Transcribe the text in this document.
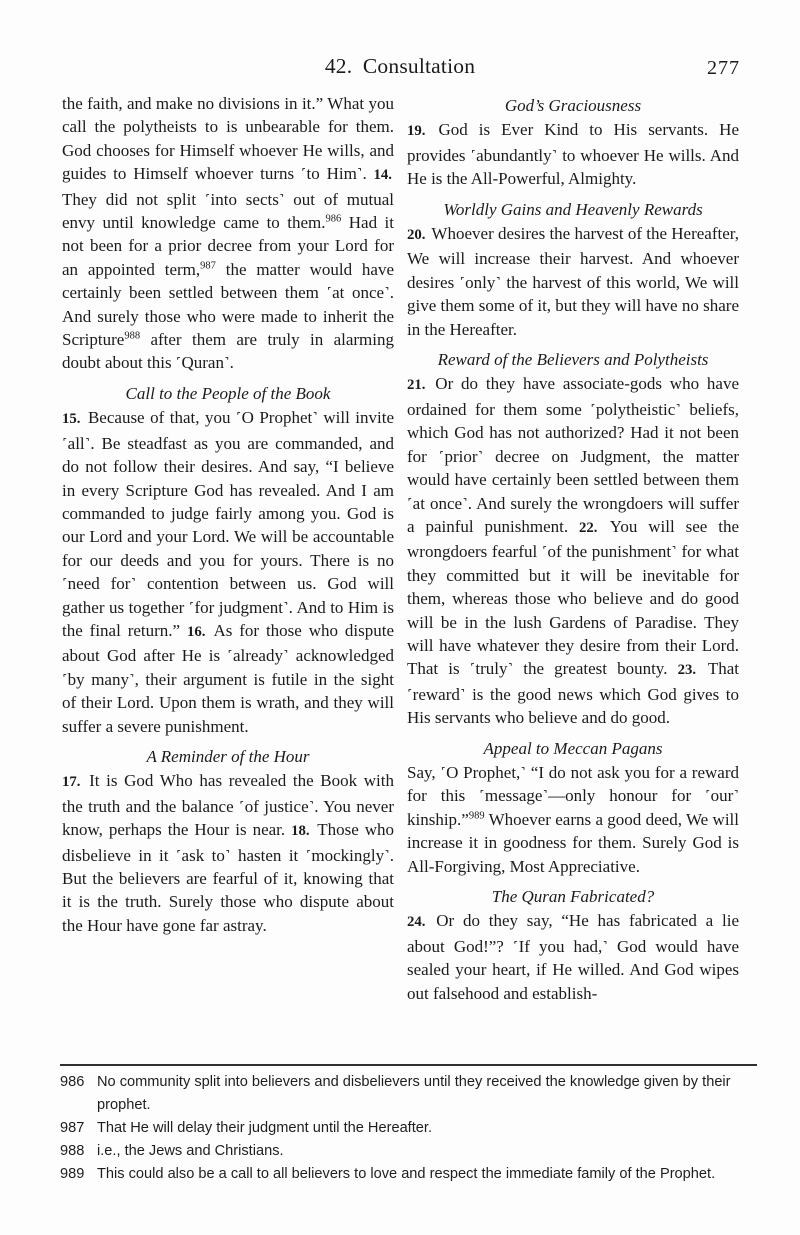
42. Consultation	277

the faith, and make no divisions in it.” What you call the polytheists to is unbearable for them. God chooses for Himself whoever He wills, and guides to Himself whoever turns ˹to Him˺. 14. They did not split ˹into sects˺ out of mutual envy until knowledge came to them.$^{986}$ Had it not been for a prior decree from your Lord for an appointed term,$^{987}$ the matter would have certainly been settled between them ˹at once˺. And surely those who were made to inherit the Scripture$^{988}$ after them are truly in alarming doubt about this ˹Quran˺.

Call to the People of the Book

15. Because of that, you ˹O Prophet˺ will invite ˹all˺. Be steadfast as you are commanded, and do not follow their desires. And say, “I believe in every Scripture God has revealed. And I am commanded to judge fairly among you. God is our Lord and your Lord. We will be accountable for our deeds and you for yours. There is no ˹need for˺ contention between us. God will gather us together ˹for judgment˺. And to Him is the final return.” 16. As for those who dispute about God after He is ˹already˺ acknowledged ˹by many˺, their argument is futile in the sight of their Lord. Upon them is wrath, and they will suffer a severe punishment.

A Reminder of the Hour

17. It is God Who has revealed the Book with the truth and the balance ˹of justice˺. You never know, perhaps the Hour is near. 18. Those who disbelieve in it ˹ask to˺ hasten it ˹mockingly˺. But the believers are fearful of it, knowing that it is the truth. Surely those who dispute about the Hour have gone far astray.

God’s Graciousness

19. God is Ever Kind to His servants. He provides ˹abundantly˺ to whoever He wills. And He is the All-Powerful, Almighty.

Worldly Gains and Heavenly Rewards

20. Whoever desires the harvest of the Hereafter, We will increase their harvest. And whoever desires ˹only˺ the harvest of this world, We will give them some of it, but they will have no share in the Hereafter.

Reward of the Believers and Polytheists

21. Or do they have associate-gods who have ordained for them some ˹polytheistic˺ beliefs, which God has not authorized? Had it not been for ˹prior˺ decree on Judgment, the matter would have certainly been settled between them ˹at once˺. And surely the wrongdoers will suffer a painful punishment. 22. You will see the wrongdoers fearful ˹of the punishment˺ for what they committed but it will be inevitable for them, whereas those who believe and do good will be in the lush Gardens of Paradise. They will have whatever they desire from their Lord. That is ˹truly˺ the greatest bounty. 23. That ˹reward˺ is the good news which God gives to His servants who believe and do good.

Appeal to Meccan Pagans

Say, ˹O Prophet,˺ “I do not ask you for a reward for this ˹message˺—only honour for ˹our˺ kinship.”$^{989}$ Whoever earns a good deed, We will increase it in goodness for them. Surely God is All-Forgiving, Most Appreciative.

The Quran Fabricated?

24. Or do they say, “He has fabricated a lie about God!”? ˹If you had,˺ God would have sealed your heart, if He willed. And God wipes out falsehood and establish-

986 No community split into believers and disbelievers until they received the knowledge given by their prophet.
987 That He will delay their judgment until the Hereafter.
988 i.e., the Jews and Christians.
989 This could also be a call to all believers to love and respect the immediate family of the Prophet.
